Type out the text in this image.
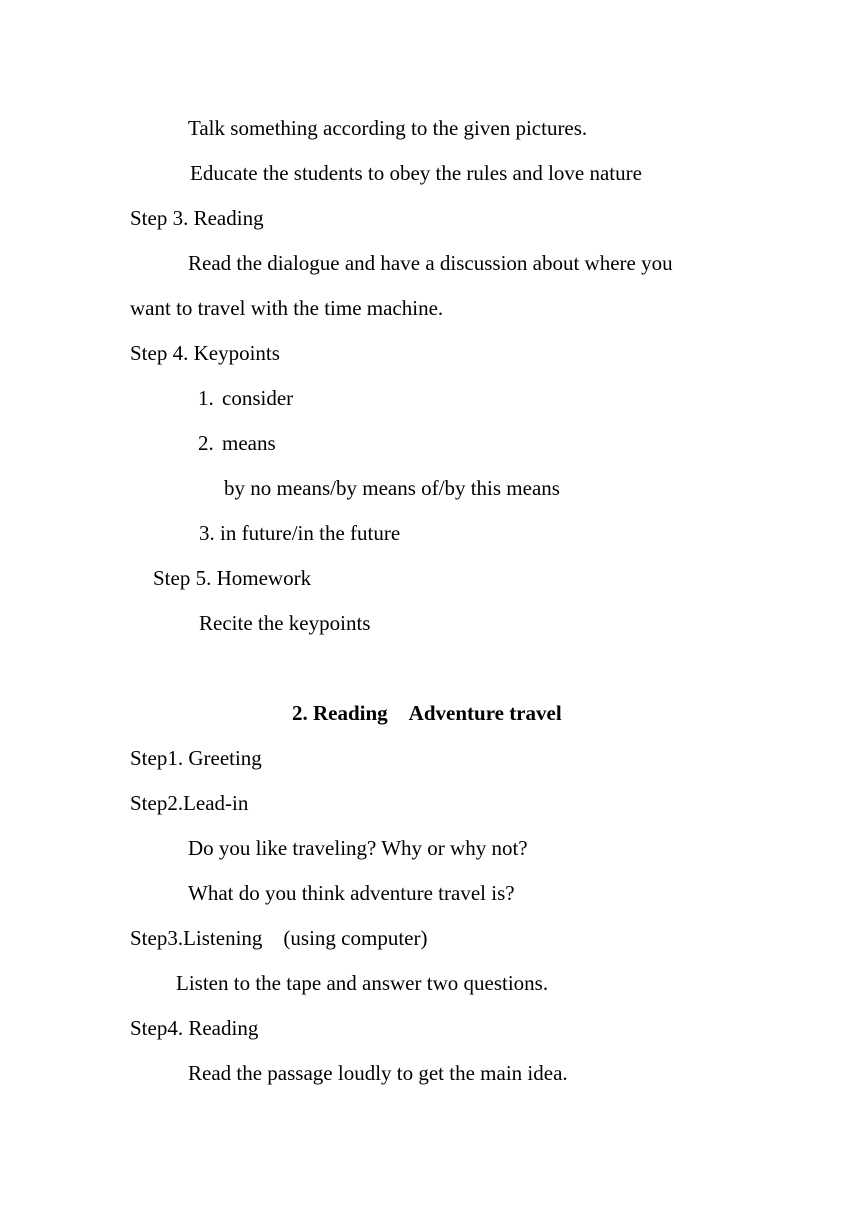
Talk something according to the given pictures.
Educate the students to obey the rules and love nature
Step 3. Reading
Read the dialogue and have a discussion about where you
want to travel with the time machine.
Step 4. Keypoints
1. consider
2. means
by no means/by means of/by this means
3. in future/in the future
Step 5. Homework
Recite the keypoints
2. Reading　Adventure travel
Step1. Greeting
Step2.Lead-in
Do you like traveling? Why or why not?
What do you think adventure travel is?
Step3.Listening　(using computer)
Listen to the tape and answer two questions.
Step4. Reading
Read the passage loudly to get the main idea.
